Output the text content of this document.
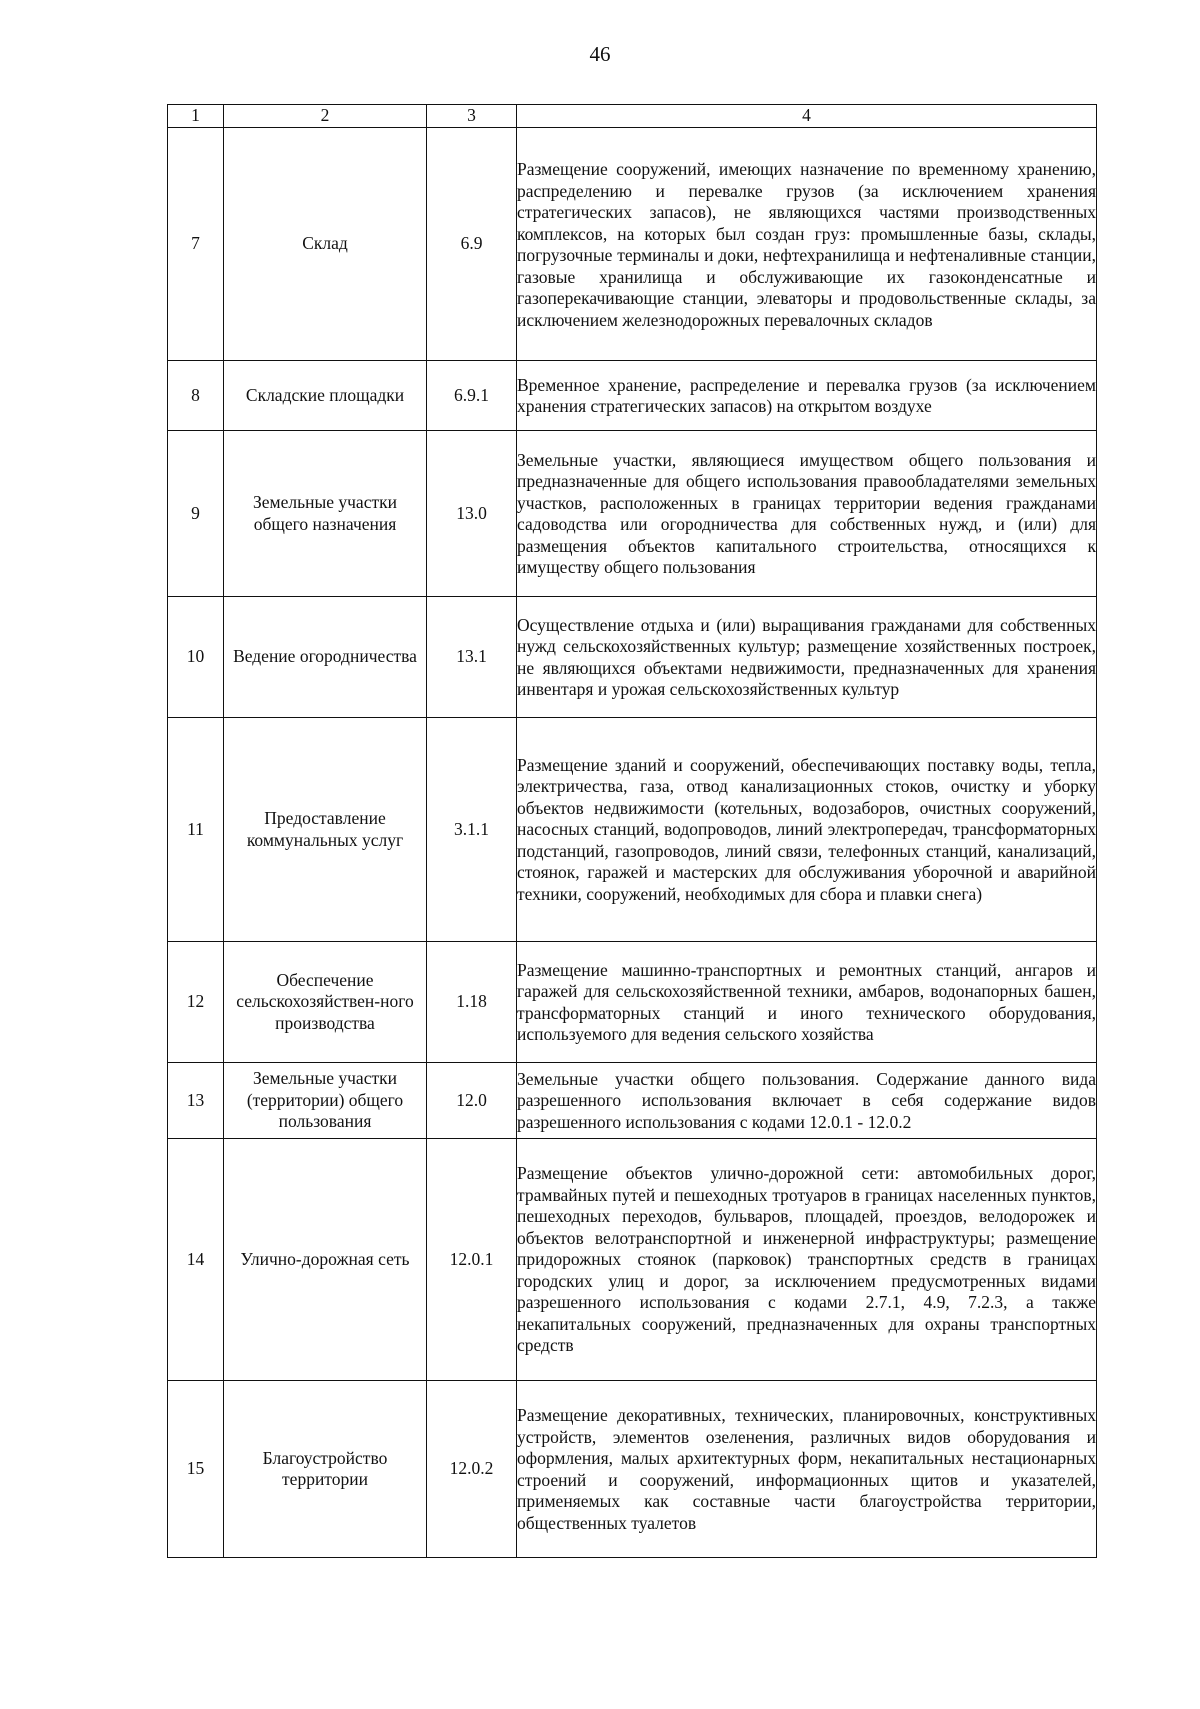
46
1	2	3	4
7	Склад	6.9	Размещение сооружений, имеющих назначение по временному хранению, распределению и перевалке грузов (за исключением хранения стратегических запасов), не являющихся частями производственных комплексов, на которых был создан груз: промышленные базы, склады, погрузочные терминалы и доки, нефтехранилища и нефтеналивные станции, газовые хранилища и обслуживающие их газоконденсатные и газоперекачивающие станции, элеваторы и продовольственные склады, за исключением железнодорожных перевалочных складов
8	Складские площадки	6.9.1	Временное хранение, распределение и перевалка грузов (за исключением хранения стратегических запасов) на открытом воздухе
9	Земельные участки общего назначения	13.0	Земельные участки, являющиеся имуществом общего пользования и предназначенные для общего использования правообладателями земельных участков, расположенных в границах территории ведения гражданами садоводства или огородничества для собственных нужд, и (или) для размещения объектов капитального строительства, относящихся к имуществу общего пользования
10	Ведение огородничества	13.1	Осуществление отдыха и (или) выращивания гражданами для собственных нужд сельскохозяйственных культур; размещение хозяйственных построек, не являющихся объектами недвижимости, предназначенных для хранения инвентаря и урожая сельскохозяйственных культур
11	Предоставление коммунальных услуг	3.1.1	Размещение зданий и сооружений, обеспечивающих поставку воды, тепла, электричества, газа, отвод канализационных стоков, очистку и уборку объектов недвижимости (котельных, водозаборов, очистных сооружений, насосных станций, водопроводов, линий электропередач, трансформаторных подстанций, газопроводов, линий связи, телефонных станций, канализаций, стоянок, гаражей и мастерских для обслуживания уборочной и аварийной техники, сооружений, необходимых для сбора и плавки снега)
12	Обеспечение сельскохозяйствен-ного производства	1.18	Размещение машинно-транспортных и ремонтных станций, ангаров и гаражей для сельскохозяйственной техники, амбаров, водонапорных башен, трансформаторных станций и иного технического оборудования, используемого для ведения сельского хозяйства
13	Земельные участки (территории) общего пользования	12.0	Земельные участки общего пользования. Содержание данного вида разрешенного использования включает в себя содержание видов разрешенного использования с кодами 12.0.1 - 12.0.2
14	Улично-дорожная сеть	12.0.1	Размещение объектов улично-дорожной сети: автомобильных дорог, трамвайных путей и пешеходных тротуаров в границах населенных пунктов, пешеходных переходов, бульваров, площадей, проездов, велодорожек и объектов велотранспортной и инженерной инфраструктуры; размещение придорожных стоянок (парковок) транспортных средств в границах городских улиц и дорог, за исключением предусмотренных видами разрешенного использования с кодами 2.7.1, 4.9, 7.2.3, а также некапитальных сооружений, предназначенных для охраны транспортных средств
15	Благоустройство территории	12.0.2	Размещение декоративных, технических, планировочных, конструктивных устройств, элементов озеленения, различных видов оборудования и оформления, малых архитектурных форм, некапитальных нестационарных строений и сооружений, информационных щитов и указателей, применяемых как составные части благоустройства территории, общественных туалетов
